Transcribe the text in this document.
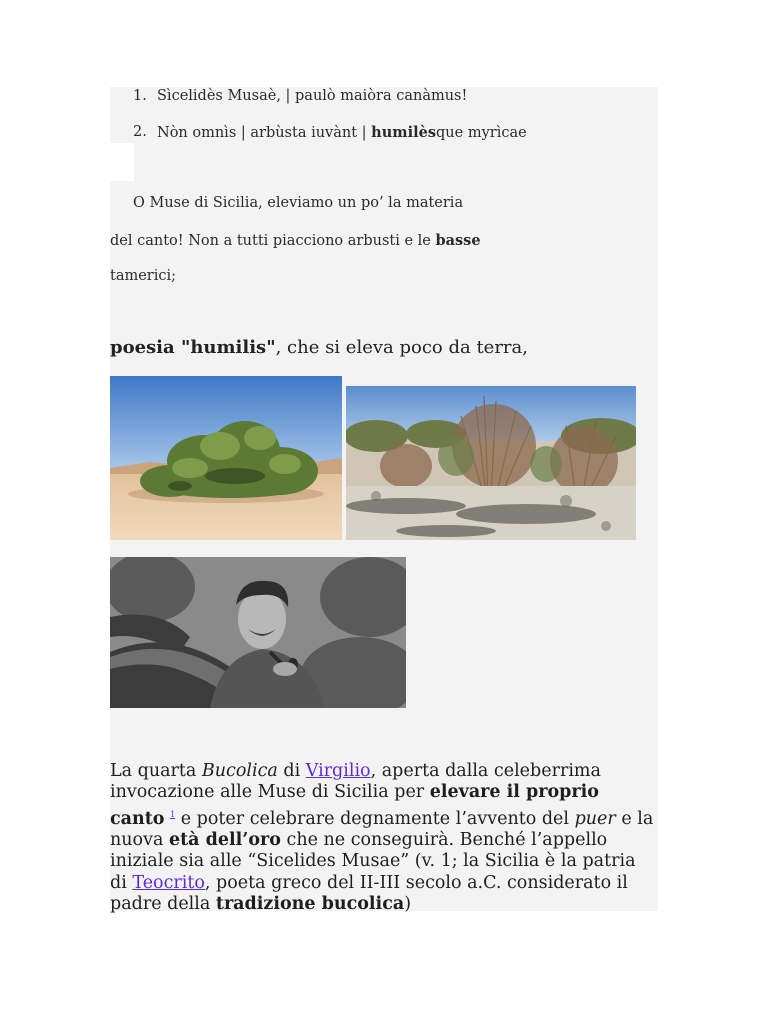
1. Sìcelidès Musaè, | paulò maiòra canàmus!
2. Nòn omnìs | arbùsta iuvànt | humilèsque myrìcae
O Muse di Sicilia, eleviamo un po’ la materia
del canto! Non a tutti piacciono arbusti e le basse
tamerici;
poesia "humilis", che si eleva poco da terra,
La quarta Bucolica di Virgilio, aperta dalla celeberrima
invocazione alle Muse di Sicilia per elevare il proprio
canto $^1$ e poter celebrare degnamente l’avvento del puer e la
nuova età dell’oro che ne conseguirà. Benché l’appello
iniziale sia alle “Sicelides Musae” (v. 1; la Sicilia è la patria
di Teocrito, poeta greco del II-III secolo a.C. considerato il
padre della tradizione bucolica)
